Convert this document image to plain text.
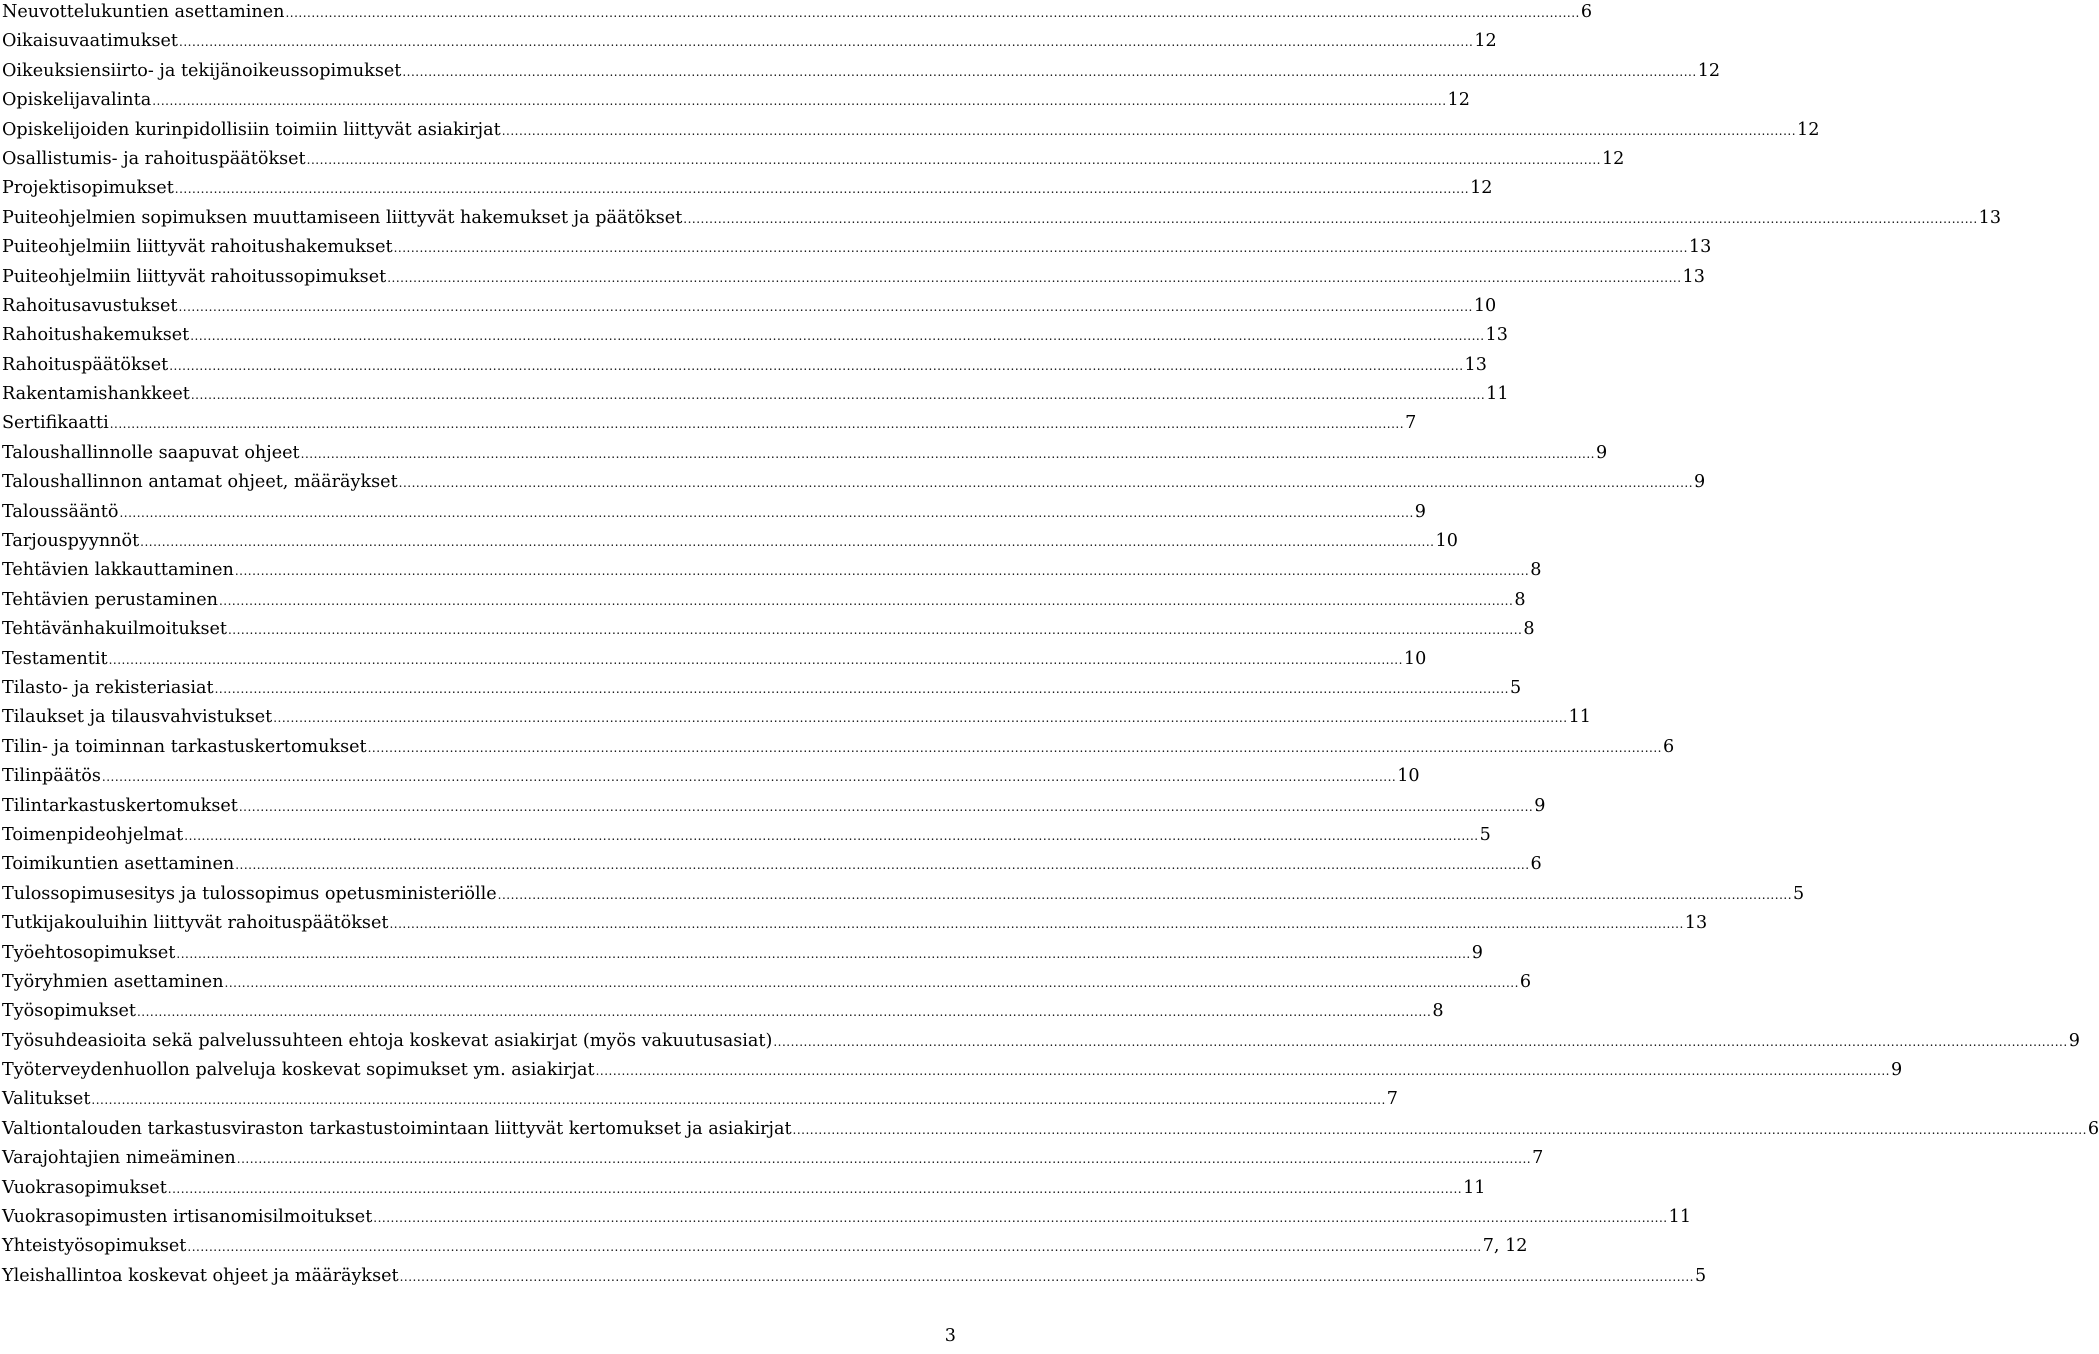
Neuvottelukuntien asettaminen ............................................................................................................................................................................................................................................................................................................ 6
Oikaisuvaatimukset ............................................................................................................................................................................................................................................................................................................ 12
Oikeuksiensiirto- ja tekijänoikeussopimukset ............................................................................................................................................................................................................................................................................................................ 12
Opiskelijavalinta ............................................................................................................................................................................................................................................................................................................ 12
Opiskelijoiden kurinpidollisiin toimiin liittyvät asiakirjat ............................................................................................................................................................................................................................................................................................................ 12
Osallistumis- ja rahoituspäätökset ............................................................................................................................................................................................................................................................................................................ 12
Projektisopimukset ............................................................................................................................................................................................................................................................................................................ 12
Puiteohjelmien sopimuksen muuttamiseen liittyvät hakemukset ja päätökset ............................................................................................................................................................................................................................................................................................................ 13
Puiteohjelmiin liittyvät rahoitushakemukset ............................................................................................................................................................................................................................................................................................................ 13
Puiteohjelmiin liittyvät rahoitussopimukset ............................................................................................................................................................................................................................................................................................................ 13
Rahoitusavustukset ............................................................................................................................................................................................................................................................................................................ 10
Rahoitushakemukset ............................................................................................................................................................................................................................................................................................................ 13
Rahoituspäätökset ............................................................................................................................................................................................................................................................................................................ 13
Rakentamishankkeet ............................................................................................................................................................................................................................................................................................................ 11
Sertifikaatti ............................................................................................................................................................................................................................................................................................................ 7
Taloushallinnolle saapuvat ohjeet ............................................................................................................................................................................................................................................................................................................ 9
Taloushallinnon antamat ohjeet, määräykset ............................................................................................................................................................................................................................................................................................................ 9
Taloussääntö ............................................................................................................................................................................................................................................................................................................ 9
Tarjouspyynnöt ............................................................................................................................................................................................................................................................................................................ 10
Tehtävien lakkauttaminen ............................................................................................................................................................................................................................................................................................................ 8
Tehtävien perustaminen ............................................................................................................................................................................................................................................................................................................ 8
Tehtävänhakuilmoitukset ............................................................................................................................................................................................................................................................................................................ 8
Testamentit ............................................................................................................................................................................................................................................................................................................ 10
Tilasto- ja rekisteriasiat ............................................................................................................................................................................................................................................................................................................ 5
Tilaukset ja tilausvahvistukset ............................................................................................................................................................................................................................................................................................................ 11
Tilin- ja toiminnan tarkastuskertomukset ............................................................................................................................................................................................................................................................................................................ 6
Tilinpäätös ............................................................................................................................................................................................................................................................................................................ 10
Tilintarkastuskertomukset ............................................................................................................................................................................................................................................................................................................ 9
Toimenpideohjelmat ............................................................................................................................................................................................................................................................................................................ 5
Toimikuntien asettaminen ............................................................................................................................................................................................................................................................................................................ 6
Tulossopimusesitys ja tulossopimus opetusministeriölle ............................................................................................................................................................................................................................................................................................................ 5
Tutkijakouluihin liittyvät rahoituspäätökset ............................................................................................................................................................................................................................................................................................................ 13
Työehtosopimukset ............................................................................................................................................................................................................................................................................................................ 9
Työryhmien asettaminen ............................................................................................................................................................................................................................................................................................................ 6
Työsopimukset ............................................................................................................................................................................................................................................................................................................ 8
Työsuhdeasioita sekä palvelussuhteen ehtoja koskevat asiakirjat (myös vakuutusasiat) ............................................................................................................................................................................................................................................................................................................ 9
Työterveydenhuollon palveluja koskevat sopimukset ym. asiakirjat ............................................................................................................................................................................................................................................................................................................ 9
Valitukset ............................................................................................................................................................................................................................................................................................................ 7
Valtiontalouden tarkastusviraston tarkastustoimintaan liittyvät kertomukset ja asiakirjat ............................................................................................................................................................................................................................................................................................................ 6
Varajohtajien nimeäminen ............................................................................................................................................................................................................................................................................................................ 7
Vuokrasopimukset ............................................................................................................................................................................................................................................................................................................ 11
Vuokrasopimusten irtisanomisilmoitukset ............................................................................................................................................................................................................................................................................................................ 11
Yhteistyösopimukset ............................................................................................................................................................................................................................................................................................................ 7, 12
Yleishallintoa koskevat ohjeet ja määräykset ............................................................................................................................................................................................................................................................................................................ 5
3
